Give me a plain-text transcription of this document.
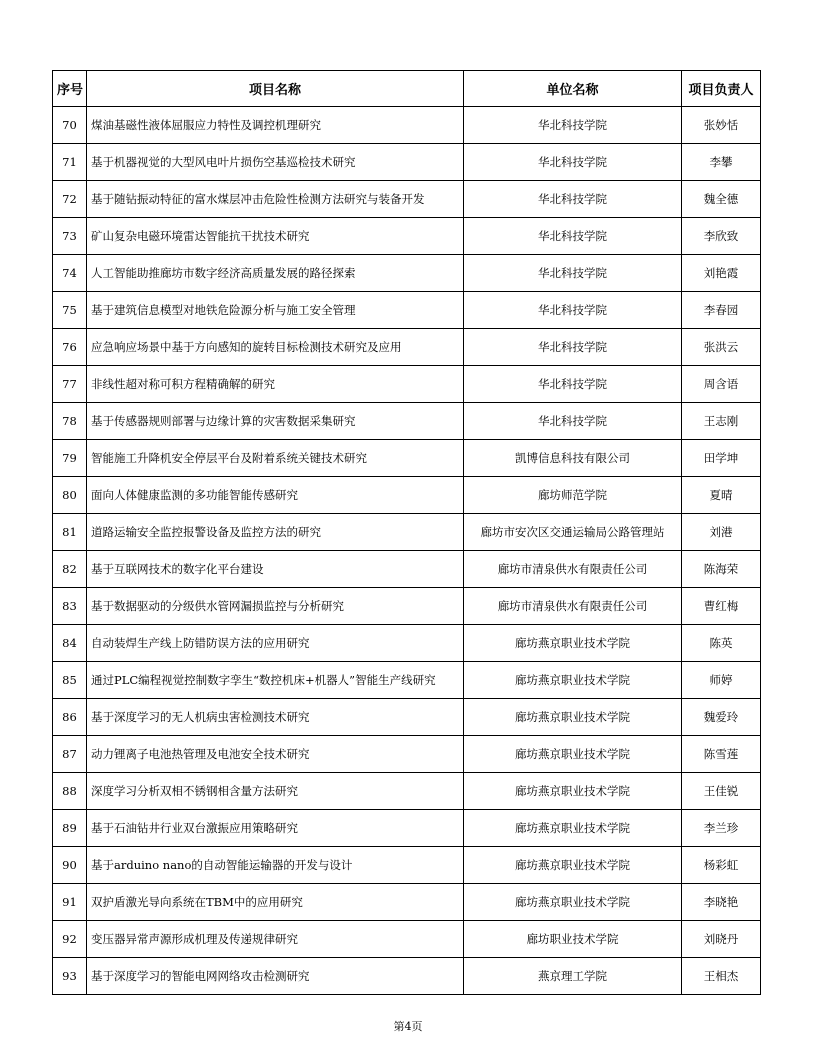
序号	项目名称	单位名称	项目负责人
70	煤油基磁性液体屈服应力特性及调控机理研究	华北科技学院	张妙恬
71	基于机器视觉的大型风电叶片损伤空基巡检技术研究	华北科技学院	李攀
72	基于随钻振动特征的富水煤层冲击危险性检测方法研究与装备开发	华北科技学院	魏全德
73	矿山复杂电磁环境雷达智能抗干扰技术研究	华北科技学院	李欣致
74	人工智能助推廊坊市数字经济高质量发展的路径探索	华北科技学院	刘艳霞
75	基于建筑信息模型对地铁危险源分析与施工安全管理	华北科技学院	李春园
76	应急响应场景中基于方向感知的旋转目标检测技术研究及应用	华北科技学院	张洪云
77	非线性超对称可积方程精确解的研究	华北科技学院	周含语
78	基于传感器规则部署与边缘计算的灾害数据采集研究	华北科技学院	王志刚
79	智能施工升降机安全停层平台及附着系统关键技术研究	凯博信息科技有限公司	田学坤
80	面向人体健康监测的多功能智能传感研究	廊坊师范学院	夏晴
81	道路运输安全监控报警设备及监控方法的研究	廊坊市安次区交通运输局公路管理站	刘港
82	基于互联网技术的数字化平台建设	廊坊市清泉供水有限责任公司	陈海荣
83	基于数据驱动的分级供水管网漏损监控与分析研究	廊坊市清泉供水有限责任公司	曹红梅
84	自动装焊生产线上防错防误方法的应用研究	廊坊燕京职业技术学院	陈英
85	通过PLC编程视觉控制数字孪生“数控机床+机器人”智能生产线研究	廊坊燕京职业技术学院	师婷
86	基于深度学习的无人机病虫害检测技术研究	廊坊燕京职业技术学院	魏爱玲
87	动力锂离子电池热管理及电池安全技术研究	廊坊燕京职业技术学院	陈雪莲
88	深度学习分析双相不锈钢相含量方法研究	廊坊燕京职业技术学院	王佳锐
89	基于石油钻井行业双台激振应用策略研究	廊坊燕京职业技术学院	李兰珍
90	基于arduino nano的自动智能运输器的开发与设计	廊坊燕京职业技术学院	杨彩虹
91	双护盾激光导向系统在TBM中的应用研究	廊坊燕京职业技术学院	李晓艳
92	变压器异常声源形成机理及传递规律研究	廊坊职业技术学院	刘晓丹
93	基于深度学习的智能电网网络攻击检测研究	燕京理工学院	王相杰
第4页
